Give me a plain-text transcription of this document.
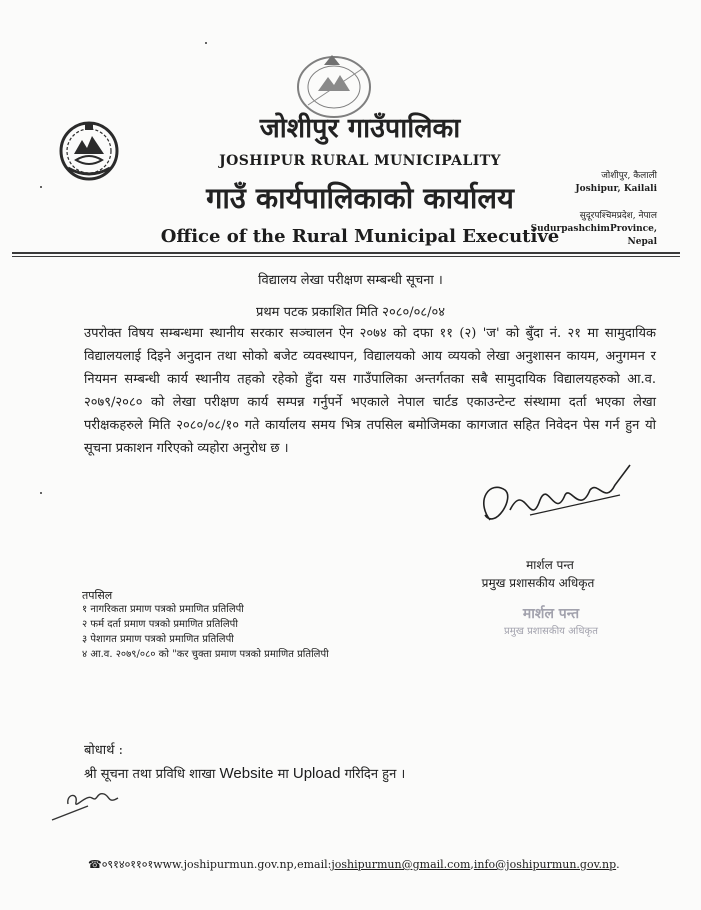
जोशीपुर गाउँपालिका
JOSHIPUR RURAL MUNICIPALITY
गाउँ कार्यपालिकाको कार्यालय
Office of the Rural Municipal Executive
जोशीपुर, कैलाली
Joshipur, Kailali
सुदूरपश्चिमप्रदेश, नेपाल
SudurpashchimProvince,
Nepal
विद्यालय लेखा परीक्षण सम्बन्धी सूचना ।
प्रथम पटक प्रकाशित मिति २०८०/०८/०४
उपरोक्त विषय सम्बन्धमा स्थानीय सरकार सञ्चालन ऐन २०७४ को दफा ११ (२) 'ज' को बुँदा नं. २१ मा सामुदायिक विद्यालयलाई दिइने अनुदान तथा सोको बजेट व्यवस्थापन, विद्यालयको आय व्ययको लेखा अनुशासन कायम, अनुगमन र नियमन सम्बन्धी कार्य स्थानीय तहको रहेको हुँदा यस गाउँपालिका अन्तर्गतका सबै सामुदायिक विद्यालयहरुको आ.व. २०७९/२०८० को लेखा परीक्षण कार्य सम्पन्न गर्नुपर्ने भएकाले नेपाल चार्टड एकाउन्टेन्ट संस्थामा दर्ता भएका लेखा परीक्षकहरुले मिति २०८०/०८/१० गते कार्यालय समय भित्र तपसिल बमोजिमका कागजात सहित निवेदन पेस गर्न हुन यो सूचना प्रकाशन गरिएको व्यहोरा अनुरोध छ ।
मार्शल पन्त
प्रमुख प्रशासकीय अधिकृत
मार्शल पन्त
प्रमुख प्रशासकीय अधिकृत
तपसिल
१ नागरिकता प्रमाण पत्रको प्रमाणित प्रतिलिपी
२ फर्म दर्ता प्रमाण पत्रको प्रमाणित प्रतिलिपी
३ पेशागत प्रमाण पत्रको प्रमाणित प्रतिलिपी
४ आ.व. २०७९/०८० को "कर चुक्ता प्रमाण पत्रको प्रमाणित प्रतिलिपी
बोधार्थ :
श्री सूचना तथा प्रविधि शाखा Website मा Upload गरिदिन हुन ।
☎०९१४०११०१www.joshipurmun.gov.np,email:joshipurmun@gmail.com,info@joshipurmun.gov.np.
